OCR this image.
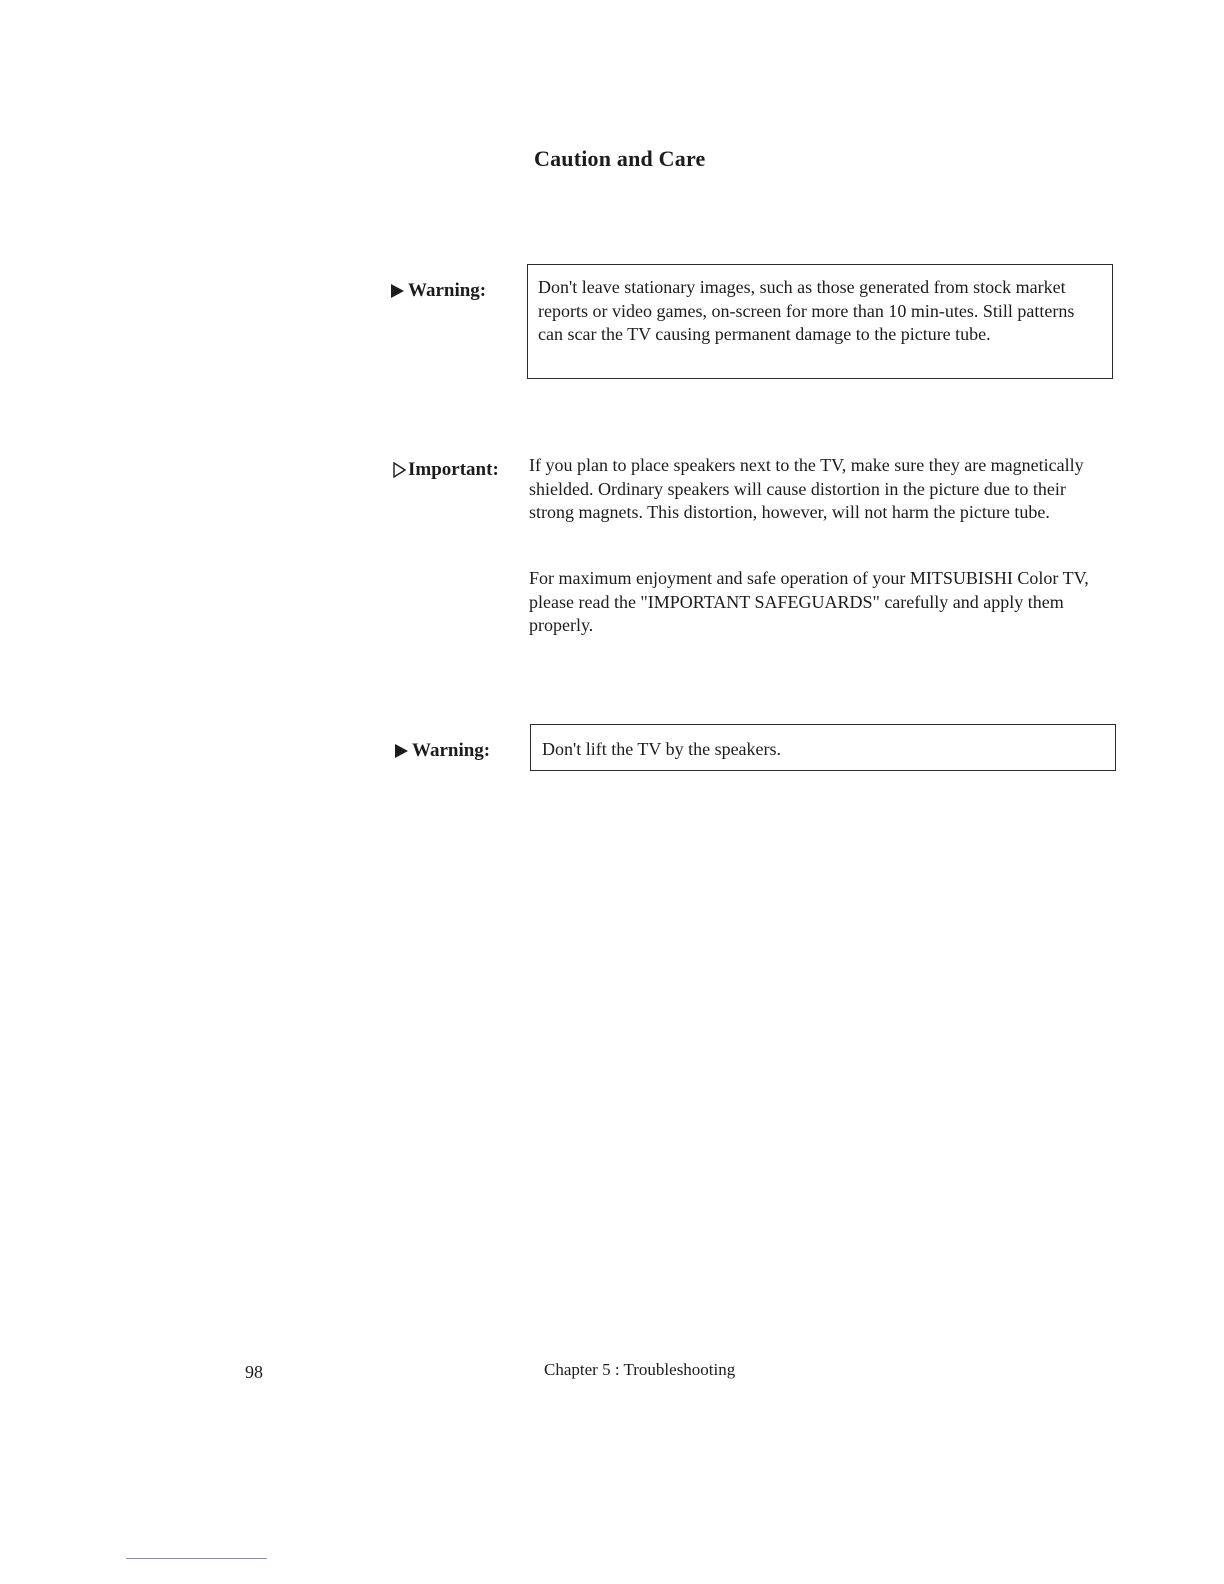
Caution and Care
Warning:	Don't leave stationary images, such as those generated from stock market reports or video games, on-screen for more than 10 min-utes. Still patterns can scar the TV causing permanent damage to the picture tube.
Important: If you plan to place speakers next to the TV, make sure they are magnetically shielded. Ordinary speakers will cause distortion in the picture due to their strong magnets. This distortion, however, will not harm the picture tube.
For maximum enjoyment and safe operation of your MITSUBISHI Color TV, please read the "IMPORTANT SAFEGUARDS" carefully and apply them properly.
Warning:	Don't lift the TV by the speakers.
98	Chapter 5 : Troubleshooting
